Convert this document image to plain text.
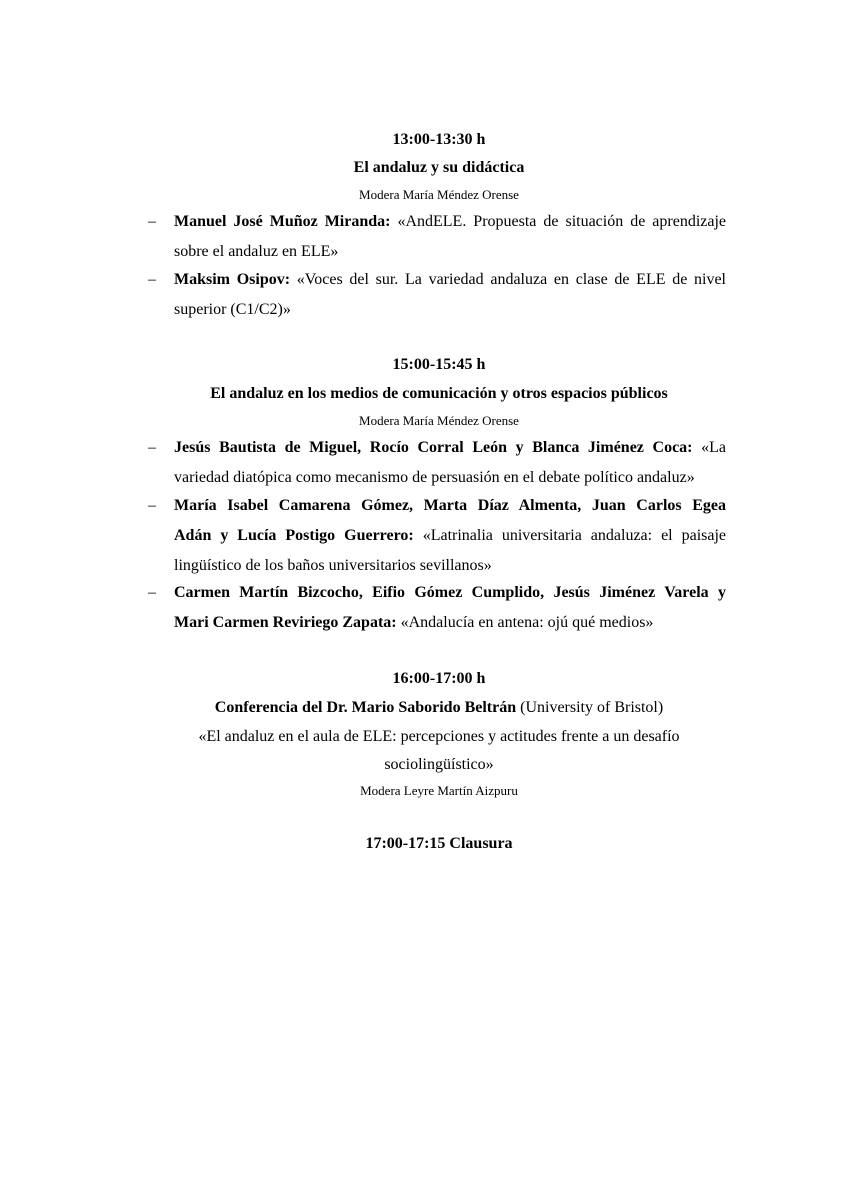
13:00-13:30 h
El andaluz y su didáctica
Modera María Méndez Orense
– Manuel José Muñoz Miranda: «AndELE. Propuesta de situación de aprendizaje
sobre el andaluz en ELE»
– Maksim Osipov: «Voces del sur. La variedad andaluza en clase de ELE de nivel
superior (C1/C2)»
15:00-15:45 h
El andaluz en los medios de comunicación y otros espacios públicos
Modera María Méndez Orense
– Jesús Bautista de Miguel, Rocío Corral León y Blanca Jiménez Coca: «La
variedad diatópica como mecanismo de persuasión en el debate político andaluz»
– María Isabel Camarena Gómez, Marta Díaz Almenta, Juan Carlos Egea
Adán y Lucía Postigo Guerrero: «Latrinalia universitaria andaluza: el paisaje
lingüístico de los baños universitarios sevillanos»
– Carmen Martín Bizcocho, Eifio Gómez Cumplido, Jesús Jiménez Varela y
Mari Carmen Reviriego Zapata: «Andalucía en antena: ojú qué medios»
16:00-17:00 h
Conferencia del Dr. Mario Saborido Beltrán (University of Bristol)
«El andaluz en el aula de ELE: percepciones y actitudes frente a un desafío
sociolingüístico»
Modera Leyre Martín Aizpuru
17:00-17:15 Clausura
